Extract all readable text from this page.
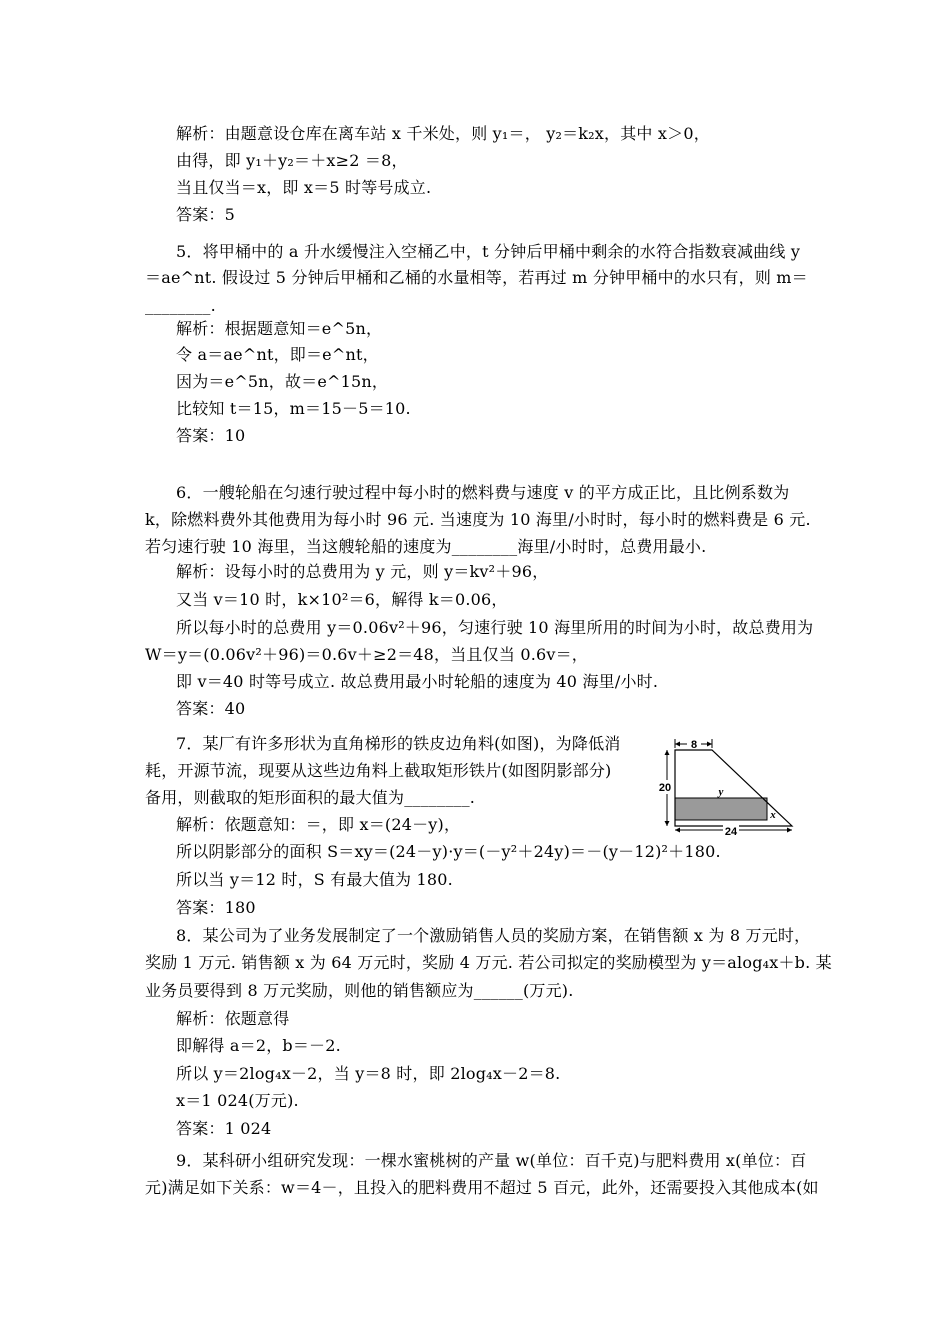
解析：由题意设仓库在离车站 x 千米处，则 y₁＝， y₂＝k₂x，其中 x＞0，
由得，即 y₁＋y₂＝＋x≥2 ＝8，
当且仅当＝x，即 x＝5 时等号成立.
答案：5
5．将甲桶中的 a 升水缓慢注入空桶乙中，t 分钟后甲桶中剩余的水符合指数衰减曲线 y
＝ae^nt. 假设过 5 分钟后甲桶和乙桶的水量相等，若再过 m 分钟甲桶中的水只有，则 m＝
________.
解析：根据题意知＝e^5n，
令 a＝ae^nt，即＝e^nt，
因为＝e^5n，故＝e^15n，
比较知 t＝15，m＝15－5＝10.
答案：10
6．一艘轮船在匀速行驶过程中每小时的燃料费与速度 v 的平方成正比，且比例系数为
k，除燃料费外其他费用为每小时 96 元. 当速度为 10 海里/小时时，每小时的燃料费是 6 元.
若匀速行驶 10 海里，当这艘轮船的速度为________海里/小时时，总费用最小.
解析：设每小时的总费用为 y 元，则 y＝kv²＋96，
又当 v＝10 时，k×10²＝6，解得 k＝0.06，
所以每小时的总费用 y＝0.06v²＋96，匀速行驶 10 海里所用的时间为小时，故总费用为
W＝y＝(0.06v²＋96)＝0.6v＋≥2＝48，当且仅当 0.6v＝，
即 v＝40 时等号成立. 故总费用最小时轮船的速度为 40 海里/小时.
答案：40
7．某厂有许多形状为直角梯形的铁皮边角料(如图)，为降低消
耗，开源节流，现要从这些边角料上截取矩形铁片(如图阴影部分)
备用，则截取的矩形面积的最大值为________.
解析：依题意知：＝，即 x＝(24－y)，
所以阴影部分的面积 S＝xy＝(24－y)·y＝(－y²＋24y)＝－(y－12)²＋180.
所以当 y＝12 时，S 有最大值为 180.
答案：180
8．某公司为了业务发展制定了一个激励销售人员的奖励方案，在销售额 x 为 8 万元时，
奖励 1 万元. 销售额 x 为 64 万元时，奖励 4 万元. 若公司拟定的奖励模型为 y＝alog₄x＋b. 某
业务员要得到 8 万元奖励，则他的销售额应为______(万元).
解析：依题意得
即解得 a＝2，b＝－2.
所以 y＝2log₄x－2，当 y＝8 时，即 2log₄x－2＝8.
x＝1 024(万元).
答案：1 024
9．某科研小组研究发现：一棵水蜜桃树的产量 w(单位：百千克)与肥料费用 x(单位：百
元)满足如下关系：w＝4－，且投入的肥料费用不超过 5 百元，此外，还需要投入其他成本(如
8
20	y
x
24
